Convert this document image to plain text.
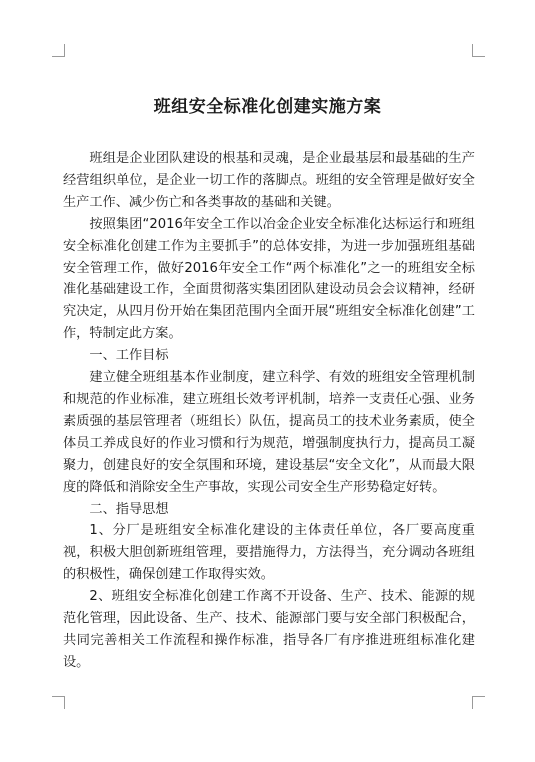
班组安全标准化创建实施方案

班组是企业团队建设的根基和灵魂，是企业最基层和最基础的生产经营组织单位，是企业一切工作的落脚点。班组的安全管理是做好安全生产工作、减少伤亡和各类事故的基础和关键。

按照集团“2016年安全工作以冶金企业安全标准化达标运行和班组安全标准化创建工作为主要抓手”的总体安排，为进一步加强班组基础安全管理工作，做好2016年安全工作“两个标准化”之一的班组安全标准化基础建设工作，全面贯彻落实集团团队建设动员会会议精神，经研究决定，从四月份开始在集团范围内全面开展“班组安全标准化创建”工作，特制定此方案。

一、工作目标

建立健全班组基本作业制度，建立科学、有效的班组安全管理机制和规范的作业标准，建立班组长效考评机制，培养一支责任心强、业务素质强的基层管理者（班组长）队伍，提高员工的技术业务素质，使全体员工养成良好的作业习惯和行为规范，增强制度执行力，提高员工凝聚力，创建良好的安全氛围和环境，建设基层“安全文化”，从而最大限度的降低和消除安全生产事故，实现公司安全生产形势稳定好转。

二、指导思想

1、分厂是班组安全标准化建设的主体责任单位，各厂要高度重视，积极大胆创新班组管理，要措施得力，方法得当，充分调动各班组的积极性，确保创建工作取得实效。

2、班组安全标准化创建工作离不开设备、生产、技术、能源的规范化管理，因此设备、生产、技术、能源部门要与安全部门积极配合，共同完善相关工作流程和操作标准，指导各厂有序推进班组标准化建设。
